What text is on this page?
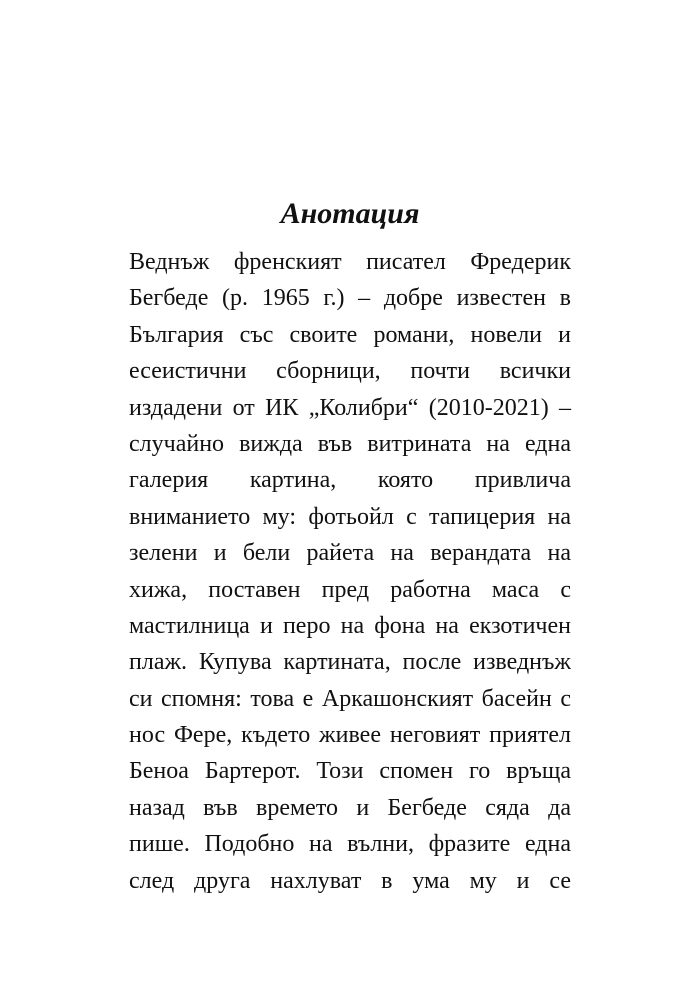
Анотация
Веднъж френският писател Фредерик
Бегбеде (р. 1965 г.) – добре известен в
България със своите романи, новели и
есеистични сборници, почти всички
издадени от ИК „Колибри“ (2010-2021) –
случайно вижда във витрината на една
галерия картина, която привлича
вниманието му: фотьойл с тапицерия на
зелени и бели райета на верандата на
хижа, поставен пред работна маса с
мастилница и перо на фона на екзотичен
плаж. Купува картината, после изведнъж
си спомня: това е Аркашонският басейн с
нос Фере, където живее неговият приятел
Беноа Бартерот. Този спомен го връща
назад във времето и Бегбеде сяда да
пише. Подобно на вълни, фразите една
след друга нахлуват в ума му и се
